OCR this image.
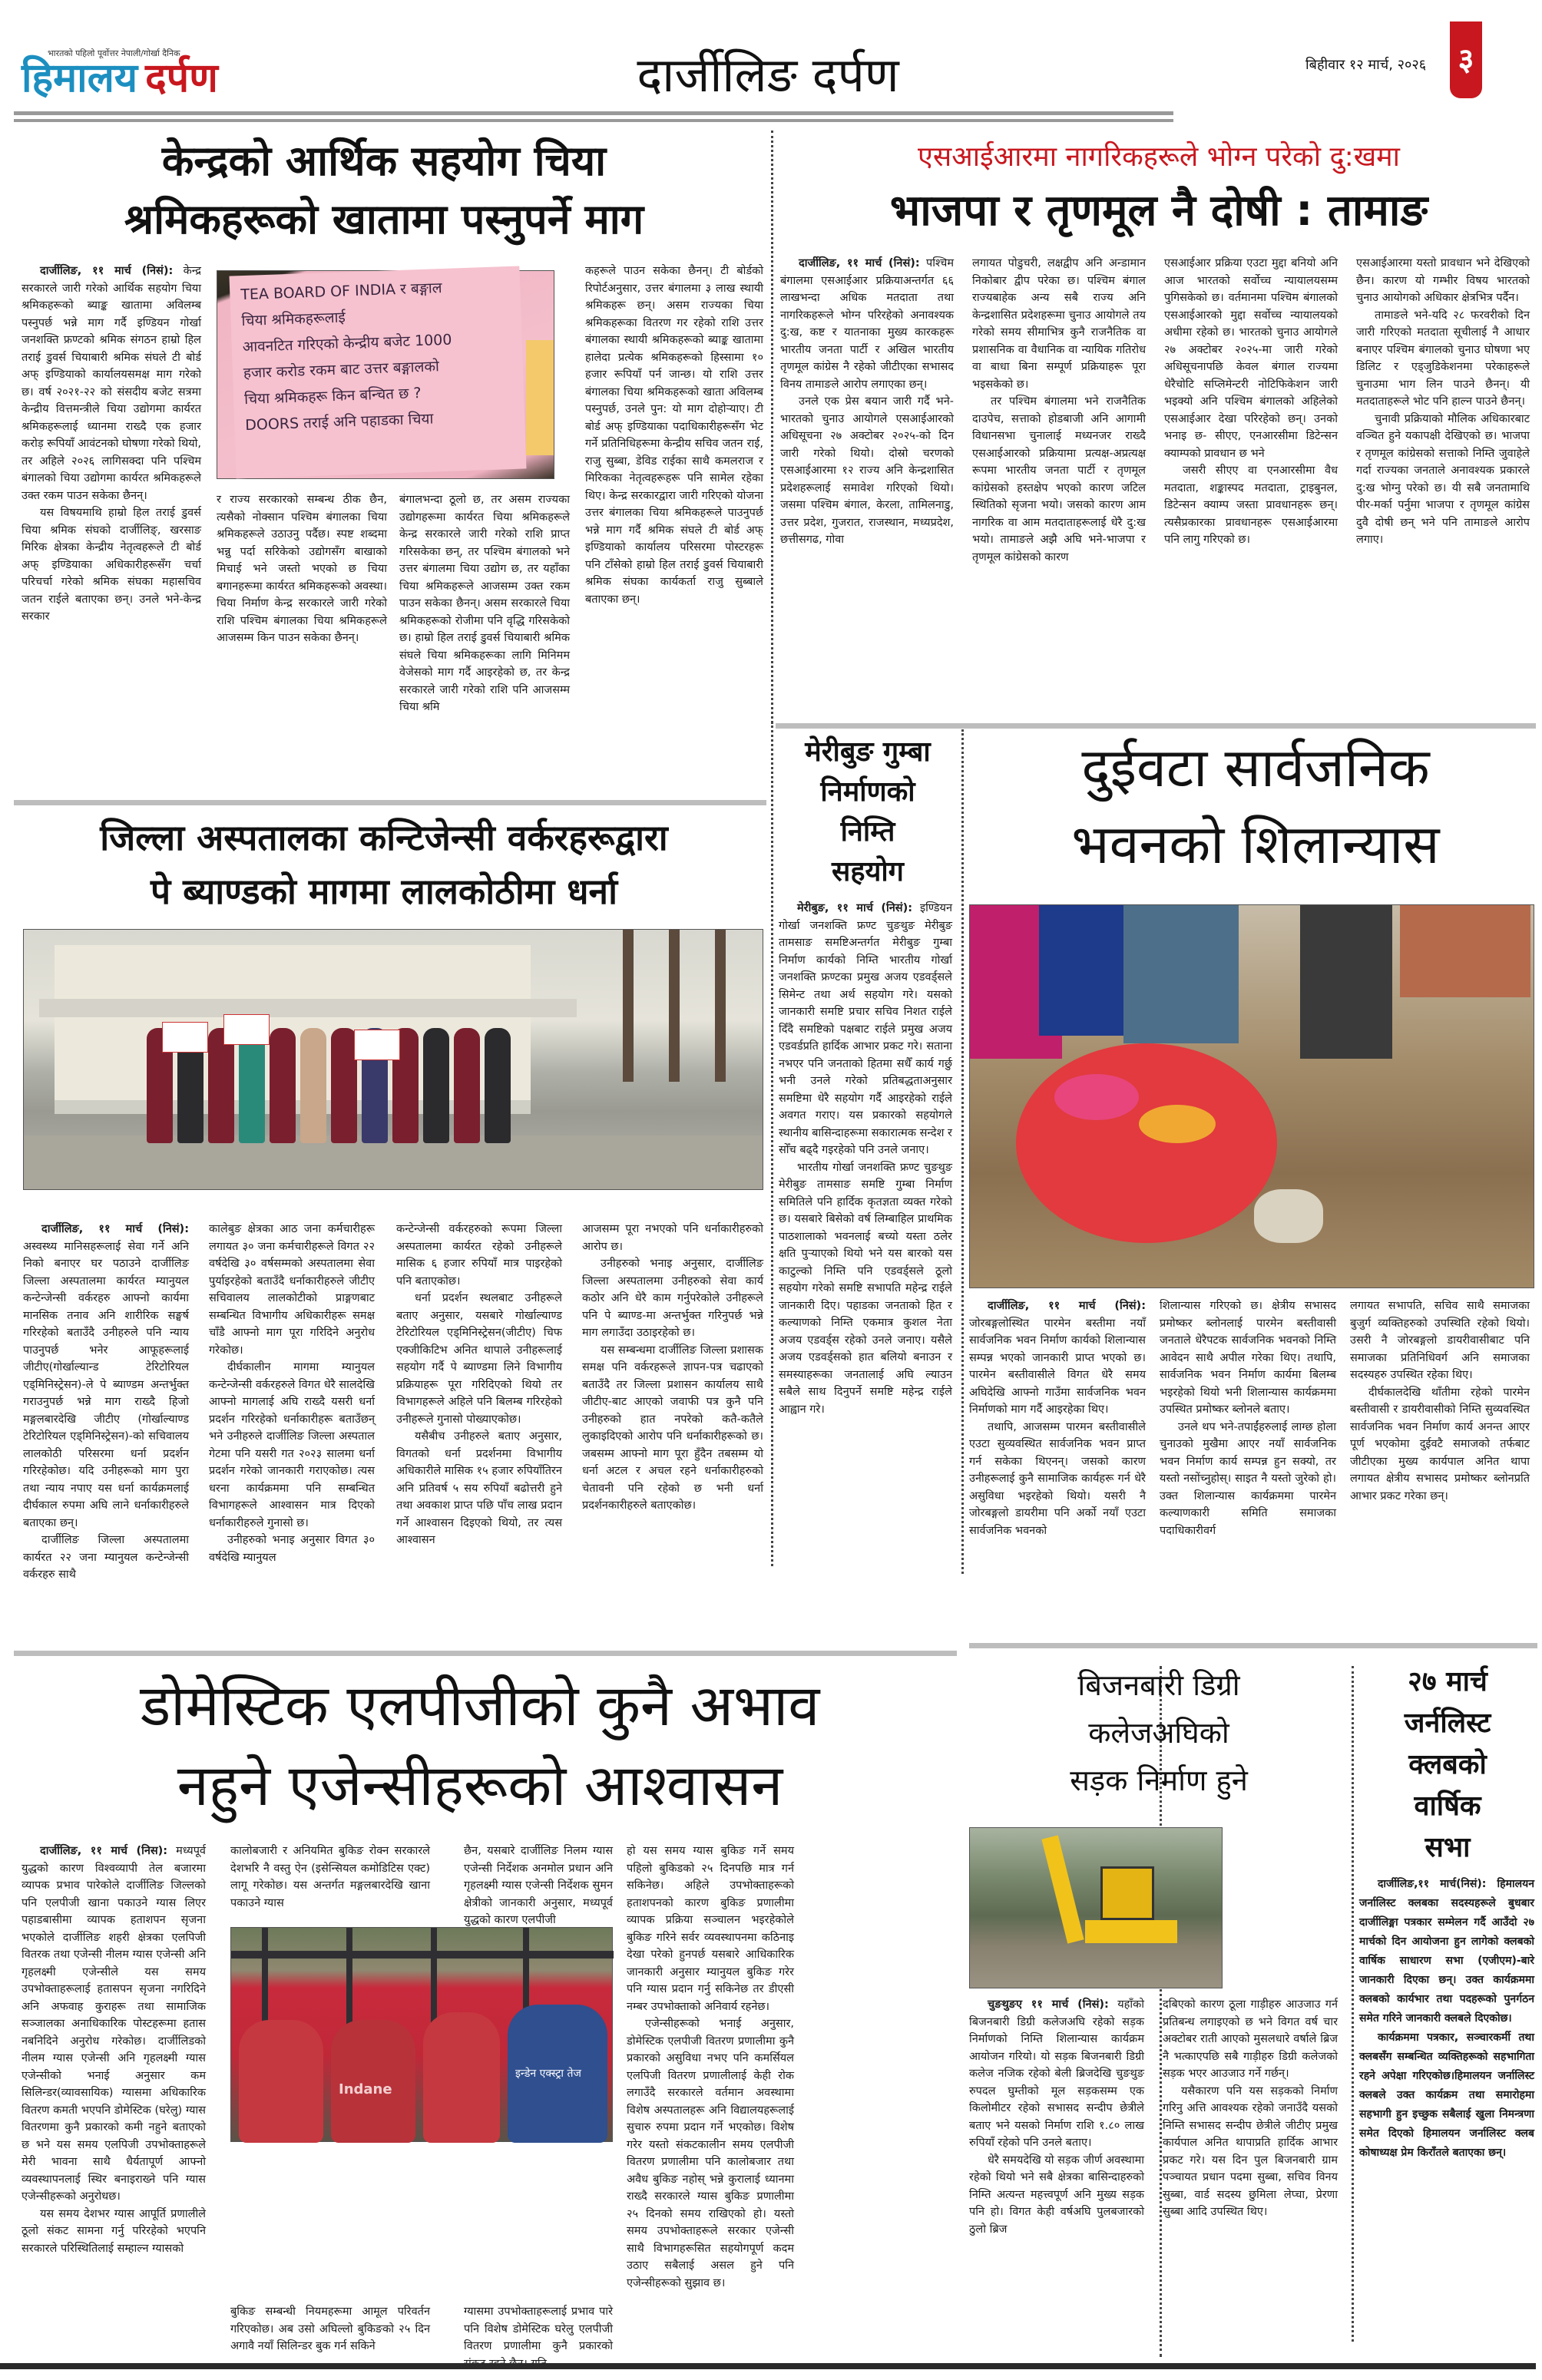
भारतको पहिलो पूर्वोत्तर नेपाली/गोर्खा दैनिक
हिमालय दर्पण	दार्जीलिङ दर्पण	बिहीवार १२ मार्च, २०२६ ३
केन्द्रको आर्थिक सहयोग चिया
श्रमिकहरूको खातामा पस्नुपर्ने माग

दार्जीलिङ, ११ मार्च (निसं): केन्द्र सरकारले जारी गरेको आर्थिक सहयोग चिया श्रमिकहरूको ब्याङ्क खातामा अविलम्ब पस्नुपर्छ भन्ने माग गर्दै इण्डियन गोर्खा जनशक्ति फ्रण्टको श्रमिक संगठन हाम्रो हिल तराई डुवर्स चियाबारी श्रमिक संघले टी बोर्ड अफ् इण्डियाको कार्यालयसमक्ष माग गरेको छ। वर्ष २०२१-२२ को संसदीय बजेट सत्रमा केन्द्रीय वित्तमन्त्रीले चिया उद्योगमा कार्यरत श्रमिकहरूलाई ध्यानमा राख्दै एक हजार करोड़ रूपियाँ आवंटनको घोषणा गरेको थियो, तर अहिले २०२६ लागिसक्दा पनि पश्चिम बंगालको चिया उद्योगमा कार्यरत श्रमिकहरूले उक्त रकम पाउन सकेका छैनन्।

यस विषयमाथि हाम्रो हिल तराई डुवर्स चिया श्रमिक संघको दार्जीलिङ्, खरसाङ मिरिक क्षेत्रका केन्द्रीय नेतृत्वहरूले टी बोर्ड अफ् इण्डियाका अधिकारीहरूसँग चर्चा परिचर्चा गरेको श्रमिक संघका महासचिव जतन राईले बताएका छन्। उनले भने-केन्द्र सरकार

TEA BOARD OF INDIA र बङ्गाल
चिया श्रमिकहरूलाई
आवनटित गरिएको केन्द्रीय बजेट 1000
हजार करोड रकम बाट उत्तर बङ्गालको
चिया श्रमिकहरू किन बन्चित छ ?
DOORS तराई अनि पहाडका चिया
र राज्य सरकारको सम्बन्ध ठीक छैन, त्यसैको नोक्सान पश्चिम बंगालका चिया श्रमिकहरूले उठाउनु पर्दैछ। स्पष्ट शब्दमा भन्नु पर्दा सरिकेको उद्योगसँग बाखाको मिचाई भने जस्तो भएको छ चिया बगानहरूमा कार्यरत श्रमिकहरूको अवस्था। चिया निर्माण केन्द्र सरकारले जारी गरेको राशि पश्चिम बंगालका चिया श्रमिकहरूले आजसम्म किन पाउन सकेका छैनन्।
बंगालभन्दा ठूलो छ, तर असम राज्यका उद्योगहरूमा कार्यरत चिया श्रमिकहरूले केन्द्र सरकारले जारी गरेको राशि प्राप्त गरिसकेका छन्, तर पश्चिम बंगालको भने उत्तर बंगालमा चिया उद्योग छ, तर यहाँका चिया श्रमिकहरूले आजसम्म उक्त रकम पाउन सकेका छैनन्। असम सरकारले चिया श्रमिकहरूको रोजीमा पनि वृद्धि गरिसकेको छ। हाम्रो हिल तराई डुवर्स चियाबारी श्रमिक संघले चिया श्रमिकहरूका लागि मिनिमम वेजेसको माग गर्दै आइरहेको छ, तर केन्द्र सरकारले जारी गरेको राशि पनि आजसम्म चिया श्रमि
कहरूले पाउन सकेका छैनन्। टी बोर्डको रिपोर्टअनुसार, उत्तर बंगालमा ३ लाख स्थायी श्रमिकहरू छन्। असम राज्यका चिया श्रमिकहरूका वितरण गर रहेको राशि उत्तर बंगालका स्थायी श्रमिकहरूको ब्याङ्क खातामा हालेदा प्रत्येक श्रमिकहरूको हिस्सामा १० हजार रूपियाँ पर्न जान्छ। यो राशि उत्तर बंगालका चिया श्रमिकहरूको खाता अविलम्ब पस्नुपर्छ, उनले पुन: यो माग दोहोर्‍याए। टी बोर्ड अफ् इण्डियाका पदाधिकारीहरूसँग भेट गर्ने प्रतिनिधिहरूमा केन्द्रीय सचिव जतन राई, राजु सुब्बा, डेविड राईका साथै कमलराज र मिरिकका नेतृत्वहरूहरू पनि सामेल रहेका थिए। केन्द्र सरकारद्वारा जारी गरिएको योजना उत्तर बंगालका चिया श्रमिकहरूले पाउनुपर्छ भन्ने माग गर्दै श्रमिक संघले टी बोर्ड अफ् इण्डियाको कार्यालय परिसरमा पोस्टरहरू पनि टाँसेको हाम्रो हिल तराई डुवर्स चियाबारी श्रमिक संघका कार्यकर्ता राजु सुब्बाले बताएका छन्।
एसआईआरमा नागरिकहरूले भोग्न परेको दु:खमा
भाजपा र तृणमूल नै दोषी : तामाङ

दार्जीलिङ, ११ मार्च (निसं): पश्चिम बंगालमा एसआईआर प्रक्रियाअन्तर्गत ६६ लाखभन्दा अधिक मतदाता तथा नागरिकहरूले भोग्न परिरहेको अनावश्यक दु:ख, कष्ट र यातनाका मुख्य कारकहरू भारतीय जनता पार्टी र अखिल भारतीय तृणमूल कांग्रेस नै रहेको जीटीएका सभासद विनय तामाङले आरोप लगाएका छन्।

उनले एक प्रेस बयान जारी गर्दै भने-भारतको चुनाउ आयोगले एसआईआरको अधिसूचना २७ अक्टोबर २०२५-को दिन जारी गरेको थियो। दोस्रो चरणको एसआईआरमा १२ राज्य अनि केन्द्रशासित प्रदेशहरूलाई समावेश गरिएको थियो। जसमा पश्चिम बंगाल, केरला, तामिलनाडु, उत्तर प्रदेश, गुजरात, राजस्थान, मध्यप्रदेश, छत्तीसगढ, गोवा

लगायत पोडुचरी, लक्षद्वीप अनि अन्डामान निकोबार द्वीप परेका छ। पश्चिम बंगाल राज्यबाहेक अन्य सबै राज्य अनि केन्द्रशासित प्रदेशहरूमा चुनाउ आयोगले तय गरेको समय सीमाभित्र कुनै राजनैतिक वा प्रशासनिक वा वैधानिक वा न्यायिक गतिरोध वा बाधा बिना सम्पूर्ण प्रक्रियाहरू पूरा भइसकेको छ।

तर पश्चिम बंगालमा भने राजनैतिक दाउपेच, सत्ताको होडबाजी अनि आगामी विधानसभा चुनालाई मध्यनजर राख्दै एसआईआरको प्रक्रियामा प्रत्यक्ष-अप्रत्यक्ष रूपमा भारतीय जनता पार्टी र तृणमूल कांग्रेसको हस्तक्षेप भएको कारण जटिल स्थितिको सृजना भयो। जसको कारण आम नागरिक वा आम मतदाताहरूलाई धेरै दु:ख भयो। तामाङले अझै अघि भने-भाजपा र तृणमूल कांग्रेसको कारण

एसआईआर प्रक्रिया एउटा मुद्दा बनियो अनि आज भारतको सर्वोच्च न्यायालयसम्म पुगिसकेको छ। वर्तमानमा पश्चिम बंगालको एसआईआरको मुद्दा सर्वोच्च न्यायालयको अधीमा रहेको छ। भारतको चुनाउ आयोगले २७ अक्टोबर २०२५-मा जारी गरेको अधिसूचनापछि केवल बंगाल राज्यमा धेरैचोटि सप्लिमेन्टरी नोटिफिकेशन जारी भइक्यो अनि पश्चिम बंगालको अहिलेको एसआईआर देखा परिरहेको छन्। उनको भनाइ छ- सीएए, एनआरसीमा डिटेन्सन क्याम्पको प्रावधान छ भने

जसरी सीएए वा एनआरसीमा वैध मतदाता, शङ्कास्पद मतदाता, ट्राइबुनल, डिटेन्सन क्याम्प जस्ता प्रावधानहरू छन्। त्यसैप्रकारका प्रावधानहरू एसआईआरमा पनि लागु गरिएको छ।

एसआईआरमा यस्तो प्रावधान भने देखिएको छैन। कारण यो गम्भीर विषय भारतको चुनाउ आयोगको अधिकार क्षेत्रभित्र पर्दैन।

तामाङले भने-यदि २८ फरवरीको दिन जारी गरिएको मतदाता सूचीलाई नै आधार बनाएर पश्चिम बंगालको चुनाउ घोषणा भए डिलिट र एड्जुडिकेशनमा परेकाहरूले चुनाउमा भाग लिन पाउने छैनन्। यी मतदाताहरूले भोट पनि हाल्न पाउने छैनन्।

चुनावी प्रक्रियाको मौलिक अधिकारबाट वञ्चित हुने यकापक्षी देखिएको छ। भाजपा र तृणमूल कांग्रेसको सत्ताको निम्ति जुवाहेले गर्दा राज्यका जनताले अनावश्यक प्रकारले दु:ख भोग्नु परेको छ। यी सबै जनतामाथि पीर-मर्का पर्नुमा भाजपा र तृणमूल कांग्रेस दुवै दोषी छन् भने पनि तामाङले आरोप लगाए।

मेरीबुङ गुम्बा
निर्माणको
निम्ति
सहयोग

मेरीबुङ, ११ मार्च (निसं): इण्डियन गोर्खा जनशक्ति फ्रण्ट चुङथुङ मेरीबुङ तामसाङ समष्टिअन्तर्गत मेरीबुङ गुम्बा निर्माण कार्यको निम्ति भारतीय गोर्खा जनशक्ति फ्रण्टका प्रमुख अजय एडवर्ड्सले सिमेन्ट तथा अर्थ सहयोग गरे। यसको जानकारी समष्टि प्रचार सचिव निशत राईले दिँदै समष्टिको पक्षबाट राईले प्रमुख अजय एडवर्डप्रति हार्दिक आभार प्रकट गरे। सताना नभएर पनि जनताको हितमा सधैँ कार्य गर्छु भनी उनले गरेको प्रतिबद्धताअनुसार समष्टिमा धेरै सहयोग गर्दै आइरहेको राईले अवगत गराए। यस प्रकारको सहयोगले स्थानीय बासिन्दाहरूमा सकारात्मक सन्देश र सोँच बढ्दै गइरहेको पनि उनले जनाए।

भारतीय गोर्खा जनशक्ति फ्रण्ट चुङथुङ मेरीबुङ तामसाङ समष्टि गुम्बा निर्माण समितिले पनि हार्दिक कृतज्ञता व्यक्त गरेको छ। यसबारे बिसेको वर्ष लिम्बाहिल प्राथमिक पाठशालाको भवनलाई बच्यो यस्ता ठलेर क्षति पुऱ्याएको थियो भने यस बारको यस काटुल्को निम्ति पनि एडवर्ड्सले ठूलो सहयोग गरेको समष्टि सभापति महेन्द्र राईले जानकारी दिए। पहाडका जनताको हित र कल्याणको निम्ति एकमात्र कुशल नेता अजय एडवर्ड्स रहेको उनले जनाए। यसैले अजय एडवर्ड्सको हात बलियो बनाउन र समस्याहरूका जनतालाई अघि ल्याउन सबैले साथ दिनुपर्ने समष्टि महेन्द्र राईले आह्वान गरे।

दुईवटा सार्वजनिक
भवनको शिलान्यास

दार्जीलिङ, ११ मार्च (निसं): जोरबङ्गलोस्थित पारमेन बस्तीमा नयाँ सार्वजनिक भवन निर्माण कार्यको शिलान्यास सम्पन्न भएको जानकारी प्राप्त भएको छ। पारमेन बस्तीवासीले विगत धेरै समय अघिदेखि आफ्नो गाउँमा सार्वजनिक भवन निर्माणको माग गर्दै आइरहेका थिए।

तथापि, आजसम्म पारमन बस्तीवासीले एउटा सुव्यवस्थित सार्वजनिक भवन प्राप्त गर्न सकेका थिएनन्। जसको कारण उनीहरूलाई कुनै सामाजिक कार्यहरू गर्न धेरै असुविधा भइरहेको थियो। यसरी नै जोरबङ्गलो डायरीमा पनि अर्को नयाँ एउटा सार्वजनिक भवनको

शिलान्यास गरिएको छ। क्षेत्रीय सभासद प्रमोष्कर ब्लोनलाई पारमेन बस्तीवासी जनताले धेरैपटक सार्वजनिक भवनको निम्ति आवेदन साथै अपील गरेका थिए। तथापि, सार्वजनिक भवन निर्माण कार्यमा बिलम्ब भइरहेको थियो भनी शिलान्यास कार्यक्रममा उपस्थित प्रमोष्कर ब्लोनले बताए।

उनले थप भने-तपाईंहरुलाई लाग्छ होला चुनाउको मुखैमा आएर नयाँ सार्वजनिक भवन निर्माण कार्य सम्पन्न हुन सक्यो, तर यस्तो नसोंच्नुहोस्। साइत नै यस्तो जुरेको हो। उक्त शिलान्यास कार्यक्रममा पारमेन कल्याणकारी समिति समाजका पदाधिकारीवर्ग

लगायत सभापति, सचिव साथै समाजका बुजुर्ग व्यक्तिहरुको उपस्थिति रहेको थियो। उसरी नै जोरबङ्गलो डायरीवासीबाट पनि समाजका प्रतिनिधिवर्ग अनि समाजका सदस्यहरु उपस्थित रहेका थिए।

दीर्घकालदेखि थाँतीमा रहेको पारमेन बस्तीवासी र डायरीवासीको निम्ति सुव्यवस्थित सार्वजनिक भवन निर्माण कार्य अनन्त आएर पूर्ण भएकोमा दुईवटै समाजको तर्फबाट जीटीएका मुख्य कार्यपाल अनित थापा लगायत क्षेत्रीय सभासद प्रमोष्कर ब्लोनप्रति आभार प्रकट गरेका छन्।

जिल्ला अस्पतालका कन्टिजेन्सी वर्करहरूद्वारा
पे ब्याण्डको मागमा लालकोठीमा धर्ना

दार्जीलिङ, ११ मार्च (निसं): अस्वस्थ्य मानिसहरूलाई सेवा गर्ने अनि निको बनाएर घर पठाउने दार्जीलिङ जिल्ला अस्पतालमा कार्यरत म्यानुयल कन्टेन्जेन्सी वर्करहरु आफ्नो कार्यमा मानसिक तनाव अनि शारीरिक सङ्घर्ष गरिरहेको बताउँदै उनीहरुले पनि न्याय पाउनुपर्छ भनेर आफूहरूलाई जीटीए(गोर्खाल्यान्ड टेरिटोरियल एड्मिनिस्ट्रेसन)-ले पे ब्याण्डम अन्तर्भुक्त गराउनुपर्छ भन्ने माग राख्दै हिजो मङ्गलबारदेखि जीटीए (गोर्खाल्याण्ड टेरिटोरियल एड्मिनिस्ट्रेसन)-को सचिवालय लालकोठी परिसरमा धर्ना प्रदर्शन गरिरहेकोछ। यदि उनीहरूको माग पुरा तथा न्याय नपाए यस धर्ना कार्यक्रमलाई दीर्घकाल रुपमा अघि लाने धर्नाकारीहरुले बताएका छन्।

दार्जीलिङ जिल्ला अस्पतालमा कार्यरत २२ जना म्यानुयल कन्टेन्जेन्सी वर्करहरु साथै

कालेबुङ क्षेत्रका आठ जना कर्मचारीहरू लगायत ३० जना कर्मचारीहरूले विगत २२ वर्षदेखि ३० वर्षसम्मको अस्पतालमा सेवा पुर्याइरहेको बताउँदै धर्नाकारीहरुले जीटीए सचिवालय लालकोटीको प्राङ्गणबाट सम्बन्धित विभागीय अधिकारीहरू समक्ष चाँडै आफ्नो माग पूरा गरिदिने अनुरोध गरेकोछ।

दीर्घकालीन मागमा म्यानुयल कन्टेन्जेन्सी वर्करहरुले विगत धेरै सालदेखि आफ्नो मागलाई अघि राख्दै यसरी धर्ना प्रदर्शन गरिरहेको धर्नाकारीहरू बताउँछन् भने उनीहरुले दार्जीलिङ जिल्ला अस्पताल गेटमा पनि यसरी गत २०२३ सालमा धर्ना प्रदर्शन गरेको जानकारी गराएकोछ। त्यस धरना कार्यक्रममा पनि सम्बन्धित विभागहरूले आश्वासन मात्र दिएको धर्नाकारीहरुले गुनासो छ।

उनीहरुको भनाइ अनुसार विगत ३० वर्षदेखि म्यानुयल

कन्टेन्जेन्सी वर्करहरुको रूपमा जिल्ला अस्पतालमा कार्यरत रहेको उनीहरूले मासिक ६ हजार रुपियाँ मात्र पाइरहेको पनि बताएकोछ।

धर्ना प्रदर्शन स्थलबाट उनीहरूले बताए अनुसार, यसबारे गोर्खाल्याण्ड टेरिटोरियल एड्मिनिस्ट्रेसन(जीटीए) चिफ एक्जीकिटिभ अनित थापाले उनीहरूलाई सहयोग गर्दै पे ब्याण्डमा लिने विभागीय प्रक्रियाहरू पूरा गरिदिएको थियो तर विभागहरूले अहिले पनि बिलम्ब गरिरहेको उनीहरूले गुनासो पोख्याएकोछ।

यसैबीच उनीहरुले बताए अनुसार, विगतको धर्ना प्रदर्शनमा विभागीय अधिकारीले मासिक १५ हजार रुपियाँतिरन अनि प्रतिवर्ष ५ सय रुपियाँ बढोत्तरी हुने तथा अवकाश प्राप्त पछि पाँच लाख प्रदान गर्ने आश्वासन दिइएको थियो, तर त्यस आश्वासन

आजसम्म पूरा नभएको पनि धर्नाकारीहरुको आरोप छ।

उनीहरुको भनाइ अनुसार, दार्जीलिङ जिल्ला अस्पतालमा उनीहरुको सेवा कार्य कठोर अनि धेरै काम गर्नुपरेकोले उनीहरूले पनि पे ब्याण्ड-मा अन्तर्भुक्त गरिनुपर्छ भन्ने माग लगाउँदा उठाइरहेको छ।

यस सम्बन्धमा दार्जीलिङ जिल्ला प्रशासक समक्ष पनि वर्करहरूले ज्ञापन-पत्र चढाएको बताउँदै तर जिल्ला प्रशासन कार्यालय साथै जीटीए-बाट आएको जवाफी पत्र कुनै पनि उनीहरुको हात नपरेको कतै-कतैले लुकाइदिएको आरोप पनि धर्नाकारीहरूको छ। जबसम्म आफ्नो माग पूरा हुँदैन तबसम्म यो धर्ना अटल र अचल रहने धर्नाकारीहरुको चेतावनी पनि रहेको छ भनी धर्ना प्रदर्शनकारीहरुले बताएकोछ।

डोमेस्टिक एलपीजीको कुनै अभाव
नहुने एजेन्सीहरूको आश्वासन

दार्जीलिङ, ११ मार्च (निस): मध्यपूर्व युद्धको कारण विश्वव्यापी तेल बजारमा व्यापक प्रभाव पारेकोले दार्जीलिङ जिल्लको पनि एलपीजी खाना पकाउने ग्यास लिएर पहाडबासीमा व्यापक हताशपन सृजना भएकोले दार्जीलिङ शहरी क्षेत्रका एलपिजी वितरक तथा एजेन्सी नीलम ग्यास एजेन्सी अनि गृहलक्ष्मी एजेन्सीले यस समय उपभोक्ताहरूलाई हतासपन सृजना नगरिदिने अनि अफवाह कुराहरू तथा सामाजिक सञ्जालका अनाधिकारिक पोस्टहरूमा हतास नबनिदिने अनुरोध गरेकोछ। दार्जीलिडको नीलम ग्यास एजेन्सी अनि गृहलक्ष्मी ग्यास एजेन्सीको भनाई अनुसार कम सिलिन्डर(व्यावसायिक) ग्यासमा अधिकारिक वितरण कमती भएपनि डोमेस्टिक (घरेलु) ग्यास वितरणमा कुनै प्रकारको कमी नहुने बताएको छ भने यस समय एलपिजी उपभोक्ताहरूले मेरी भावना साथै धैर्यतापूर्ण आफ्नो व्यवस्थापनलाई स्थिर बनाइराख्ने पनि ग्यास एजेन्सीहरूको अनुरोधछ।

यस समय देशभर ग्यास आपूर्ति प्रणालीले ठूलो संकट सामना गर्नु परिरहेको भएपनि सरकारले परिस्थितिलाई सम्हाल्न ग्यासको

कालोबजारी र अनियमित बुकिङ रोक्न सरकारले देशभरि नै वस्तु ऐन (इसेन्सियल कमोडिटिस एक्ट) लागू गरेकोछ। यस अन्तर्गत मङ्गलबारदेखि खाना पकाउने ग्यास
छैन, यसबारे दार्जीलिङ निलम ग्यास एजेन्सी निर्देशक अनमोल प्रधान अनि गृहलक्ष्मी ग्यास एजेन्सी निर्देशक सुमन क्षेत्रीको जानकारी अनुसार, मध्यपूर्व युद्धको कारण एलपीजी
Indane
इन्डेन एक्स्ट्रा तेज
बुकिङ सम्बन्धी नियमहरूमा आमूल परिवर्तन गरिएकोछ। अब उसो अघिल्लो बुकिङको २५ दिन अगावै नयाँ सिलिन्डर बुक गर्न सकिने
ग्यासमा उपभोक्ताहरूलाई प्रभाव पारे पनि विशेष डोमेस्टिक घरेलु एलपीजी वितरण प्रणालीमा कुनै प्रकारको

हो यस समय ग्यास बुकिङ गर्ने समय पहिलो बुकिडको २५ दिनपछि मात्र गर्न सकिनेछ। अहिले उपभोक्ताहरूको हताशपनको कारण बुकिङ प्रणालीमा व्यापक प्रक्रिया सञ्चालन भइरहेकोले बुकिङ गरिने सर्वर व्यवस्थापनमा कठिनाइ देखा परेको हुनपर्छ यसबारे आधिकारिक जानकारी अनुसार म्यानुयल बुकिङ गरेर पनि ग्यास प्रदान गर्नु सकिनेछ तर डीएसी नम्बर उपभोक्ताको अनिवार्य रहनेछ।

एजेन्सीहरूको भनाई अनुसार, डोमेस्टिक एलपीजी वितरण प्रणालीमा कुनै प्रकारको असुविधा नभए पनि कमर्सियल एलपिजी वितरण प्रणालीलाई केही रोक लगाउँदै सरकारले वर्तमान अवस्थामा विशेष अस्पतालहरू अनि विद्यालयहरूलाई सुचारु रुपमा प्रदान गर्ने भएकोछ। विशेष गरेर यस्तो संकटकालीन समय एलपीजी वितरण प्रणालीमा पनि कालोबजार तथा अवैध बुकिङ नहोस् भन्ने कुरालाई ध्यानमा राख्दै सरकारले ग्यास बुकिङ प्रणालीमा २५ दिनको समय राखिएको हो। यस्तो समय उपभोक्ताहरूले सरकार एजेन्सी साथै विभागहरूसित सहयोगपूर्ण कदम उठाए सबैलाई असल हुने पनि एजेन्सीहरूको सुझाव छ।

बिजनबारी डिग्री
कलेजअघिको
सड़क निर्माण हुने

चुङथुङए ११ मार्च (निसं): यहाँको बिजनबारी डिग्री कलेजअघि रहेको सड़क निर्माणको निम्ति शिलान्यास कार्यक्रम आयोजन गरियो। यो सड़क बिजनबारी डिग्री कलेज नजिक रहेको बेली ब्रिजदेखि चुङथुङ रुपदल घुम्तीको मूल सड़कसम्म एक किलोमीटर रहेको सभासद सन्दीप छेत्रीले बताए भने यसको निर्माण राशि १.८० लाख रुपियाँ रहेको पनि उनले बताए।

धेरै समयदेखि यो सड़क जीर्ण अवस्थामा रहेको थियो भने सबै क्षेत्रका बासिन्दाहरुको निम्ति अत्यन्त महत्त्वपूर्ण अनि मुख्य सड़क पनि हो। विगत केही वर्षअघि पुलबजारको ठुलो ब्रिज

दबिएको कारण ठूला गाड़ीहरु आउजाउ गर्न प्रतिबन्ध लगाइएको छ भने विगत वर्ष चार अक्टोबर राती आएको मुसलधारे वर्षाले ब्रिज नै भत्काएपछि सबै गाड़ीहरु डिग्री कलेजको सड़क भएर आउजाउ गर्ने गर्छन्।

यसैकारण पनि यस सड़कको निर्माण गरिनु अत्ति आवश्यक रहेको जनाउँदै यसको निम्ति सभासद सन्दीप छेत्रीले जीटीए प्रमुख कार्यपाल अनित थापाप्रति हार्दिक आभार प्रकट गरे। यस दिन पुल बिजनबारी ग्राम पञ्चायत प्रधान पदमा सुब्बा, सचिव विनय सुब्बा, वार्ड सदस्य छुमिला लेप्चा, प्रेरणा सुब्बा आदि उपस्थित थिए।

२७ मार्च
जर्नलिस्ट
क्लबको
वार्षिक
सभा

दार्जीलिङ,११ मार्च(निसं): हिमालयन जर्नालिस्ट क्लबका सदस्यहरूले बुधबार दार्जीलिङ्मा पत्रकार सम्मेलन गर्दै आउँदो २७ मार्चको दिन आयोजना हुन लागेको क्लबको वार्षिक साधारण सभा (एजीएम)-बारे जानकारी दिएका छन्। उक्त कार्यक्रममा क्लबको कार्यभार तथा पदहरूको पुनर्गठन समेत गरिने जानकारी क्लबले दिएकोछ।

कार्यक्रममा पत्रकार, सञ्चारकर्मी तथा क्लबसँग सम्बन्धित व्यक्तिहरूको सहभागिता रहने अपेक्षा गरिएकोछ।हिमालयन जर्नालिस्ट क्लबले उक्त कार्यक्रम तथा समारोहमा सहभागी हुन इच्छुक सबैलाई खुला निमन्त्रणा समेत दिएको हिमालयन जर्नालिस्ट क्लब कोषाध्यक्ष प्रेम किराँतले बताएका छन्।
